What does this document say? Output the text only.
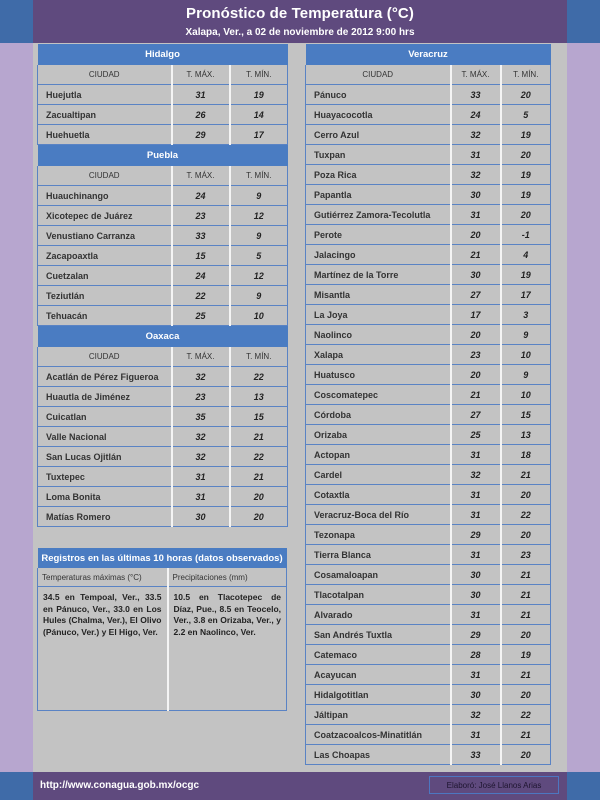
Pronóstico de Temperatura (°C)
Xalapa, Ver., a 02 de noviembre de 2012 9:00 hrs
Hidalgo		
CIUDAD	T. MÁX.	T. MÍN.
Huejutla	31	19
Zacualtipan	26	14
Huehuetla	29	17
Puebla		
CIUDAD	T. MÁX.	T. MÍN.
Huauchinango	24	9
Xicotepec de Juárez	23	12
Venustiano Carranza	33	9
Zacapoaxtla	15	5
Cuetzalan	24	12
Teziutlán	22	9
Tehuacán	25	10
Oaxaca		
CIUDAD	T. MÁX.	T. MÍN.
Acatlán de Pérez Figueroa	32	22
Huautla de Jiménez	23	13
Cuicatlan	35	15
Valle Nacional	32	21
San Lucas Ojitlán	32	22
Tuxtepec	31	21
Loma Bonita	31	20
Matías Romero	30	20
Veracruz		
CIUDAD	T. MÁX.	T. MÍN.
Pánuco	33	20
Huayacocotla	24	5
Cerro Azul	32	19
Tuxpan	31	20
Poza Rica	32	19
Papantla	30	19
Gutiérrez Zamora-Tecolutla	31	20
Perote	20	-1
Jalacingo	21	4
Martínez de la Torre	30	19
Misantla	27	17
La Joya	17	3
Naolinco	20	9
Xalapa	23	10
Huatusco	20	9
Coscomatepec	21	10
Córdoba	27	15
Orizaba	25	13
Actopan	31	18
Cardel	32	21
Cotaxtla	31	20
Veracruz-Boca del Río	31	22
Tezonapa	29	20
Tierra Blanca	31	23
Cosamaloapan	30	21
Tlacotalpan	30	21
Alvarado	31	21
San Andrés Tuxtla	29	20
Catemaco	28	19
Acayucan	31	21
Hidalgotitlan	30	20
Jáltipan	32	22
Coatzacoalcos-Minatitlán	31	21
Las Choapas	33	20
Registros en las últimas 10 horas (datos observados)	
Temperaturas máximas (°C)	Precipitaciones (mm)
34.5 en Tempoal, Ver., 33.5 en Pánuco, Ver., 33.0 en Los Hules (Chalma, Ver.), El Olivo (Pánuco, Ver.) y El Higo, Ver.	10.5 en Tlacotepec de Díaz, Pue., 8.5 en Teocelo, Ver., 3.8 en Orizaba, Ver., y 2.2 en Naolinco, Ver.
http://www.conagua.gob.mx/ocgc	Elaboró: José Llanos Arias
